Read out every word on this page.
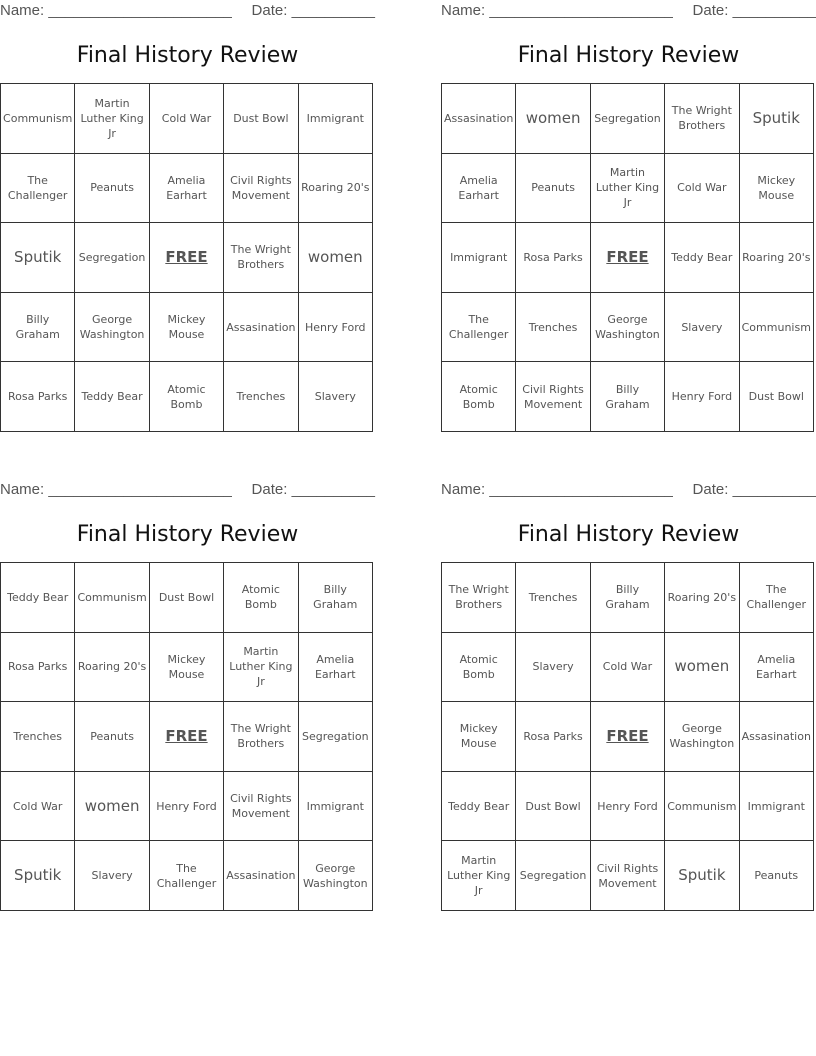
Name: ______________________ Date: __________
Final History Review
Communism	Martin Luther King Jr	Cold War	Dust Bowl	Immigrant
The Challenger	Peanuts	Amelia Earhart	Civil Rights Movement	Roaring 20's
Sputik	Segregation	FREE	The Wright Brothers	women
Billy Graham	George Washington	Mickey Mouse	Assasination	Henry Ford
Rosa Parks	Teddy Bear	Atomic Bomb	Trenches	Slavery
Name: ______________________ Date: __________
Final History Review
Assasination	women	Segregation	The Wright Brothers	Sputik
Amelia Earhart	Peanuts	Martin Luther King Jr	Cold War	Mickey Mouse
Immigrant	Rosa Parks	FREE	Teddy Bear	Roaring 20's
The Challenger	Trenches	George Washington	Slavery	Communism
Atomic Bomb	Civil Rights Movement	Billy Graham	Henry Ford	Dust Bowl
Name: ______________________ Date: __________
Final History Review
Teddy Bear	Communism	Dust Bowl	Atomic Bomb	Billy Graham
Rosa Parks	Roaring 20's	Mickey Mouse	Martin Luther King Jr	Amelia Earhart
Trenches	Peanuts	FREE	The Wright Brothers	Segregation
Cold War	women	Henry Ford	Civil Rights Movement	Immigrant
Sputik	Slavery	The Challenger	Assasination	George Washington
Name: ______________________ Date: __________
Final History Review
The Wright Brothers	Trenches	Billy Graham	Roaring 20's	The Challenger
Atomic Bomb	Slavery	Cold War	women	Amelia Earhart
Mickey Mouse	Rosa Parks	FREE	George Washington	Assasination
Teddy Bear	Dust Bowl	Henry Ford	Communism	Immigrant
Martin Luther King Jr	Segregation	Civil Rights Movement	Sputik	Peanuts
